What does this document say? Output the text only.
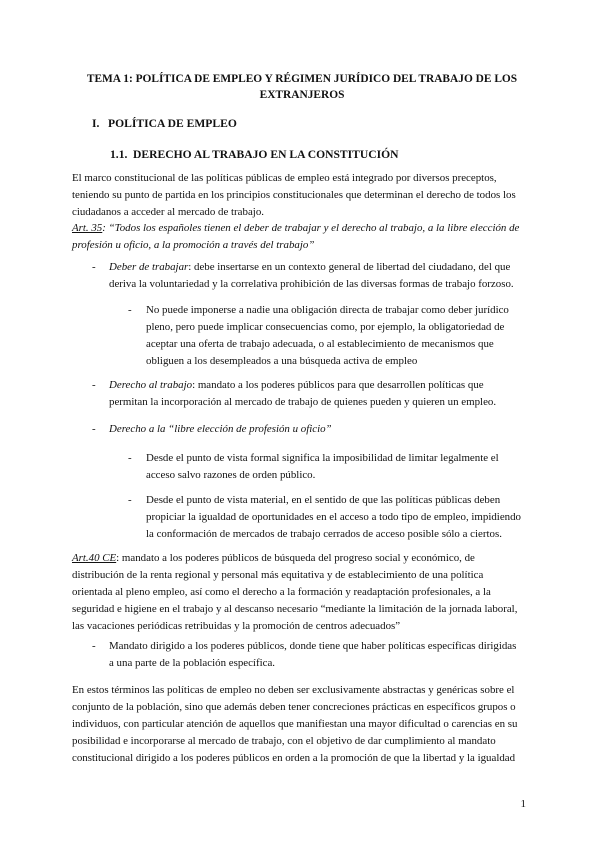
TEMA 1: POLÍTICA DE EMPLEO Y RÉGIMEN JURÍDICO DEL TRABAJO DE LOS
EXTRANJEROS
I. POLÍTICA DE EMPLEO
1.1. DERECHO AL TRABAJO EN LA CONSTITUCIÓN
El marco constitucional de las políticas públicas de empleo está integrado por diversos preceptos,
teniendo su punto de partida en los principios constitucionales que determinan el derecho de todos los
ciudadanos a acceder al mercado de trabajo.
Art. 35: “Todos los españoles tienen el deber de trabajar y el derecho al trabajo, a la libre elección de
profesión u oficio, a la promoción a través del trabajo”
- Deber de trabajar: debe insertarse en un contexto general de libertad del ciudadano, del que
deriva la voluntariedad y la correlativa prohibición de las diversas formas de trabajo forzoso.
- No puede imponerse a nadie una obligación directa de trabajar como deber jurídico
pleno, pero puede implicar consecuencias como, por ejemplo, la obligatoriedad de
aceptar una oferta de trabajo adecuada, o al establecimiento de mecanismos que
obliguen a los desempleados a una búsqueda activa de empleo
- Derecho al trabajo: mandato a los poderes públicos para que desarrollen políticas que
permitan la incorporación al mercado de trabajo de quienes pueden y quieren un empleo.
- Derecho a la “libre elección de profesión u oficio”
- Desde el punto de vista formal significa la imposibilidad de limitar legalmente el
acceso salvo razones de orden público.
- Desde el punto de vista material, en el sentido de que las políticas públicas deben
propiciar la igualdad de oportunidades en el acceso a todo tipo de empleo, impidiendo
la conformación de mercados de trabajo cerrados de acceso posible sólo a ciertos.
Art.40 CE: mandato a los poderes públicos de búsqueda del progreso social y económico, de
distribución de la renta regional y personal más equitativa y de establecimiento de una política
orientada al pleno empleo, así como el derecho a la formación y readaptación profesionales, a la
seguridad e higiene en el trabajo y al descanso necesario “mediante la limitación de la jornada laboral,
las vacaciones periódicas retribuidas y la promoción de centros adecuados”
- Mandato dirigido a los poderes públicos, donde tiene que haber políticas específicas dirigidas
a una parte de la población específica.
En estos términos las políticas de empleo no deben ser exclusivamente abstractas y genéricas sobre el
conjunto de la población, sino que además deben tener concreciones prácticas en específicos grupos o
individuos, con particular atención de aquellos que manifiestan una mayor dificultad o carencias en su
posibilidad e incorporarse al mercado de trabajo, con el objetivo de dar cumplimiento al mandato
constitucional dirigido a los poderes públicos en orden a la promoción de que la libertad y la igualdad
1
